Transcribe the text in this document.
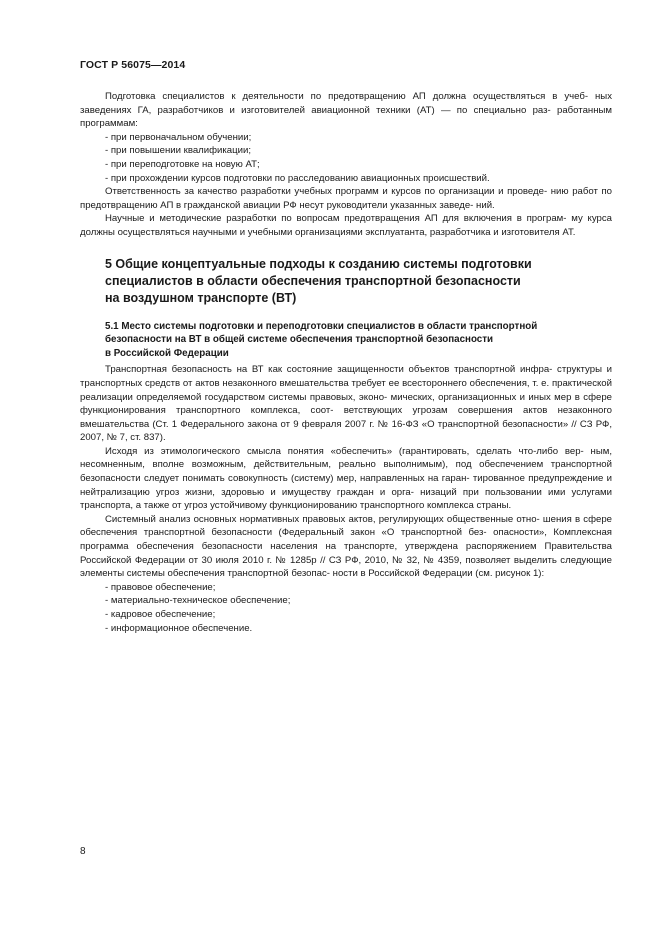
ГОСТ Р 56075—2014

Подготовка специалистов к деятельности по предотвращению АП должна осуществляться в учеб- ных заведениях ГА, разработчиков и изготовителей авиационной техники (АТ) — по специально раз- работанным программам:

- при первоначальном обучении;
- при повышении квалификации;
- при переподготовке на новую АТ;
- при прохождении курсов подготовки по расследованию авиационных происшествий.

Ответственность за качество разработки учебных программ и курсов по организации и проведе- нию работ по предотвращению АП в гражданской авиации РФ несут руководители указанных заведе- ний.

Научные и методические разработки по вопросам предотвращения АП для включения в програм- му курса должны осуществляться научными и учебными организациями эксплуатанта, разработчика и изготовителя АТ.

5 Общие концептуальные подходы к созданию системы подготовки
специалистов в области обеспечения транспортной безопасности
на воздушном транспорте (ВТ)
5.1 Место системы подготовки и переподготовки специалистов в области транспортной
безопасности на ВТ в общей системе обеспечения транспортной безопасности
в Российской Федерации

Транспортная безопасность на ВТ как состояние защищенности объектов транспортной инфра- структуры и транспортных средств от актов незаконного вмешательства требует ее всестороннего обеспечения, т. е. практической реализации определяемой государством системы правовых, эконо- мических, организационных и иных мер в сфере функционирования транспортного комплекса, соот- ветствующих угрозам совершения актов незаконного вмешательства (Ст. 1 Федерального закона от 9 февраля 2007 г. № 16-ФЗ «О транспортной безопасности» // СЗ РФ, 2007, № 7, ст. 837).

Исходя из этимологического смысла понятия «обеспечить» (гарантировать, сделать что-либо вер- ным, несомненным, вполне возможным, действительным, реально выполнимым), под обеспечением транспортной безопасности следует понимать совокупность (систему) мер, направленных на гаран- тированное предупреждение и нейтрализацию угроз жизни, здоровью и имуществу граждан и орга- низаций при пользовании ими услугами транспорта, а также от угроз устойчивому функционированию транспортного комплекса страны.

Системный анализ основных нормативных правовых актов, регулирующих общественные отно- шения в сфере обеспечения транспортной безопасности (Федеральный закон «О транспортной без- опасности», Комплексная программа обеспечения безопасности населения на транспорте, утверждена распоряжением Правительства Российской Федерации от 30 июля 2010 г. № 1285р // СЗ РФ, 2010, № 32, № 4359, позволяет выделить следующие элементы системы обеспечения транспортной безопас- ности в Российской Федерации (см. рисунок 1):

- правовое обеспечение;
- материально-техническое обеспечение;
- кадровое обеспечение;
- информационное обеспечение.
8
